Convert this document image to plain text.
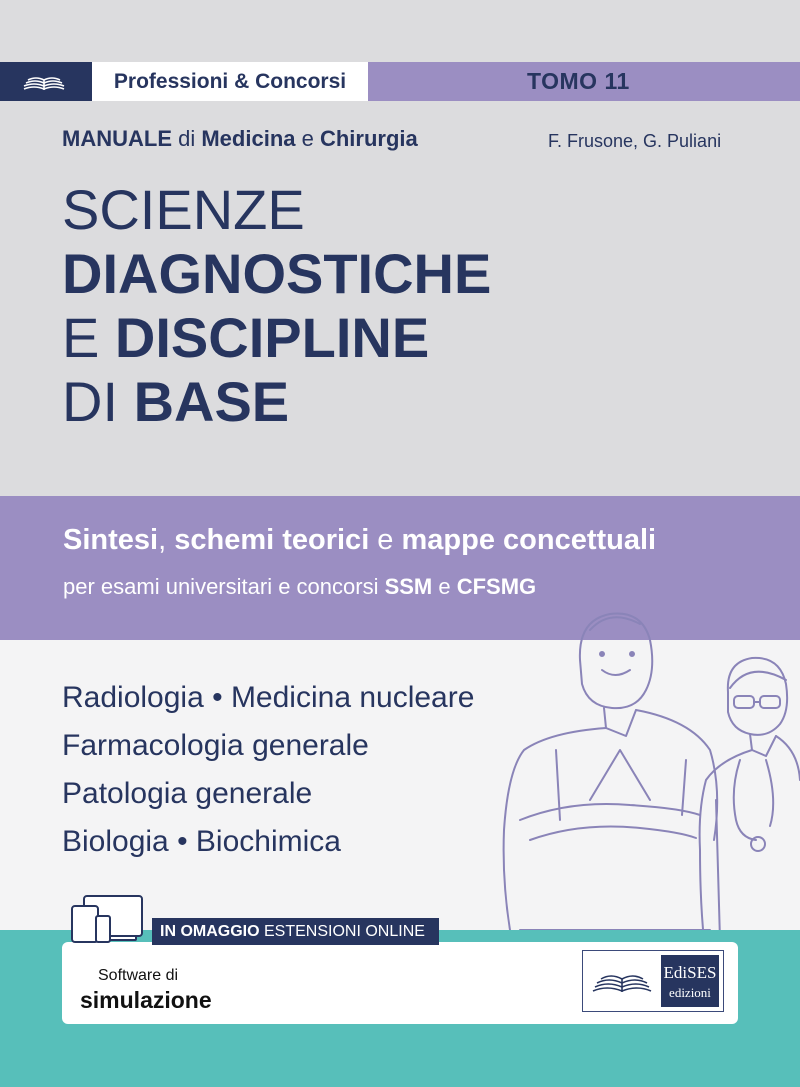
Professioni & Concorsi	TOMO 11
MANUALE di Medicina e Chirurgia	F. Frusone, G. Puliani
SCIENZE
DIAGNOSTICHE
E DISCIPLINE
DI BASE
Sintesi, schemi teorici e mappe concettuali
per esami universitari e concorsi SSM e CFSMG
Radiologia • Medicina nucleare
Farmacologia generale
Patologia generale
Biologia • Biochimica
IN OMAGGIO ESTENSIONI ONLINE
Software di
simulazione
EdiSES
edizioni
